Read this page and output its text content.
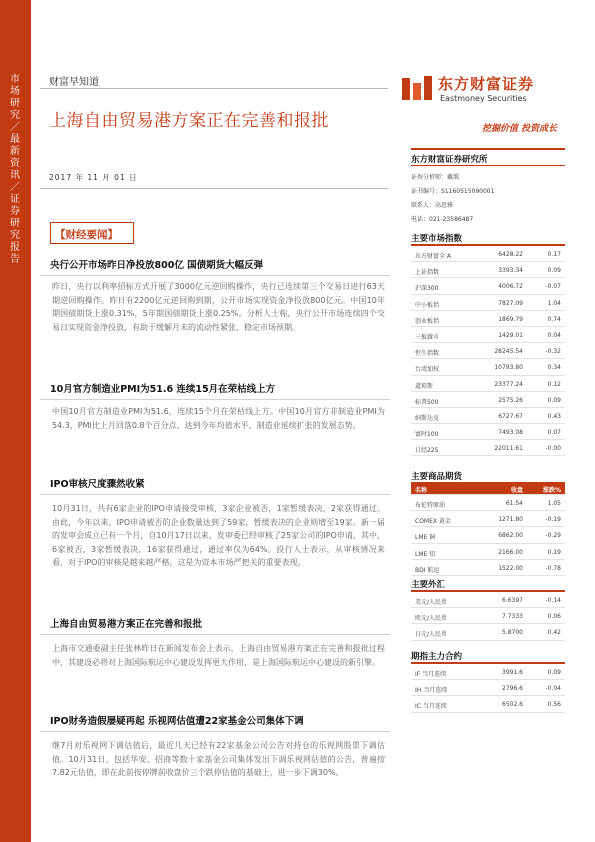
市场研究／最新资讯／证券研究报告
财富早知道
上海自由贸易港方案正在完善和报批
2017 年 11 月 01 日
东方财富证券
Eastmoney Securities
挖掘价值 投资成长
【财经要闻】
央行公开市场昨日净投放800亿 国债期货大幅反弹
昨日，央行以利率招标方式开展了3000亿元逆回购操作，央行已连续第三个交易日进行63天期逆回购操作。昨日有2200亿元逆回购到期，公开市场实现资金净投放800亿元。中国10年期国债期货上涨0.31%，5年期国债期货上涨0.25%。分析人士称，央行公开市场连续四个交易日实现资金净投放，有助于缓解月末的流动性紧张、稳定市场预期。
10月官方制造业PMI为51.6 连续15月在荣枯线上方
中国10月官方制造业PMI为51.6，连续15个月在荣枯线上方。中国10月官方非制造业PMI为54.3，PMI比上月回落0.8个百分点，达到今年均值水平，制造业延续扩张的发展态势。
IPO审核尺度骤然收紧
10月31日，共有6家企业的IPO申请接受审核，3家企业被否，1家暂缓表决，2家获得通过。由此，今年以来，IPO申请被否的企业数量达到了59家，暂缓表决的企业则增至19家。新一届的发审会成立已有一个月，自10月17日以来，发审委已经审核了25家公司的IPO申请，其中，6家被否，3家暂缓表决，16家获得通过，通过率仅为64%。投行人士表示，从审核情况来看，对于IPO的审核是越来越严格，这是为资本市场严把关的重要表现。
上海自由贸易港方案正在完善和报批
上海市交通委副主任张林昨日在新闻发布会上表示，上海自由贸易港方案正在完善和报批过程中，其建设必将对上海国际航运中心建设发挥更大作用，是上海国际航运中心建设的新引擎。
IPO财务造假屡疑再起 乐视网估值遭22家基金公司集体下调
继7月对乐视网下调估值后，最近几天已经有22家基金公司公告对持仓的乐视网股票下调估值。10月31日，包括华安、招商等数十家基金公司集体发出下调乐视网估值的公告，普遍按7.82元估值，即在此前按停牌前收盘价三个跌停估值的基础上，进一步下调30%。
东方财富证券研究所
证券分析师：戴瑀
证书编号：S1160515090001
联系人：高思雅
电话：021-23586487
主要市场指数
东方财富全 A	6428.22	0.17
上证指数	3393.34	0.09
沪深300	4006.72	-0.07
中小板指	7827.09	1.04
创业板指	1869.79	0.74
三板做市	1429.01	0.04
恒生指数	28245.54	-0.32
台湾加权	10793.80	0.34
道琼斯	23377.24	0.12
标普500	2575.26	0.09
纳斯达克	6727.67	0.43
富时100	7493.08	0.07
日经225	22011.61	-0.00
主要商品期货
名称	收盘	涨跌%
布伦特原油	61.54	1.05
COMEX 黄金	1271.80	-0.19
LME 铜	6862.00	-0.29
LME 铝	2166.00	0.19
BDI 航运	1522.00	-0.78
主要外汇
美元/人民币	6.6397	-0.14
欧元/人民币	7.7333	0.06
日元/人民币	5.8700	0.42
期指主力合约
IF 当月连续	3991.6	0.09
IH 当月连续	2796.6	-0.04
IC 当月连续	6502.6	0.56
